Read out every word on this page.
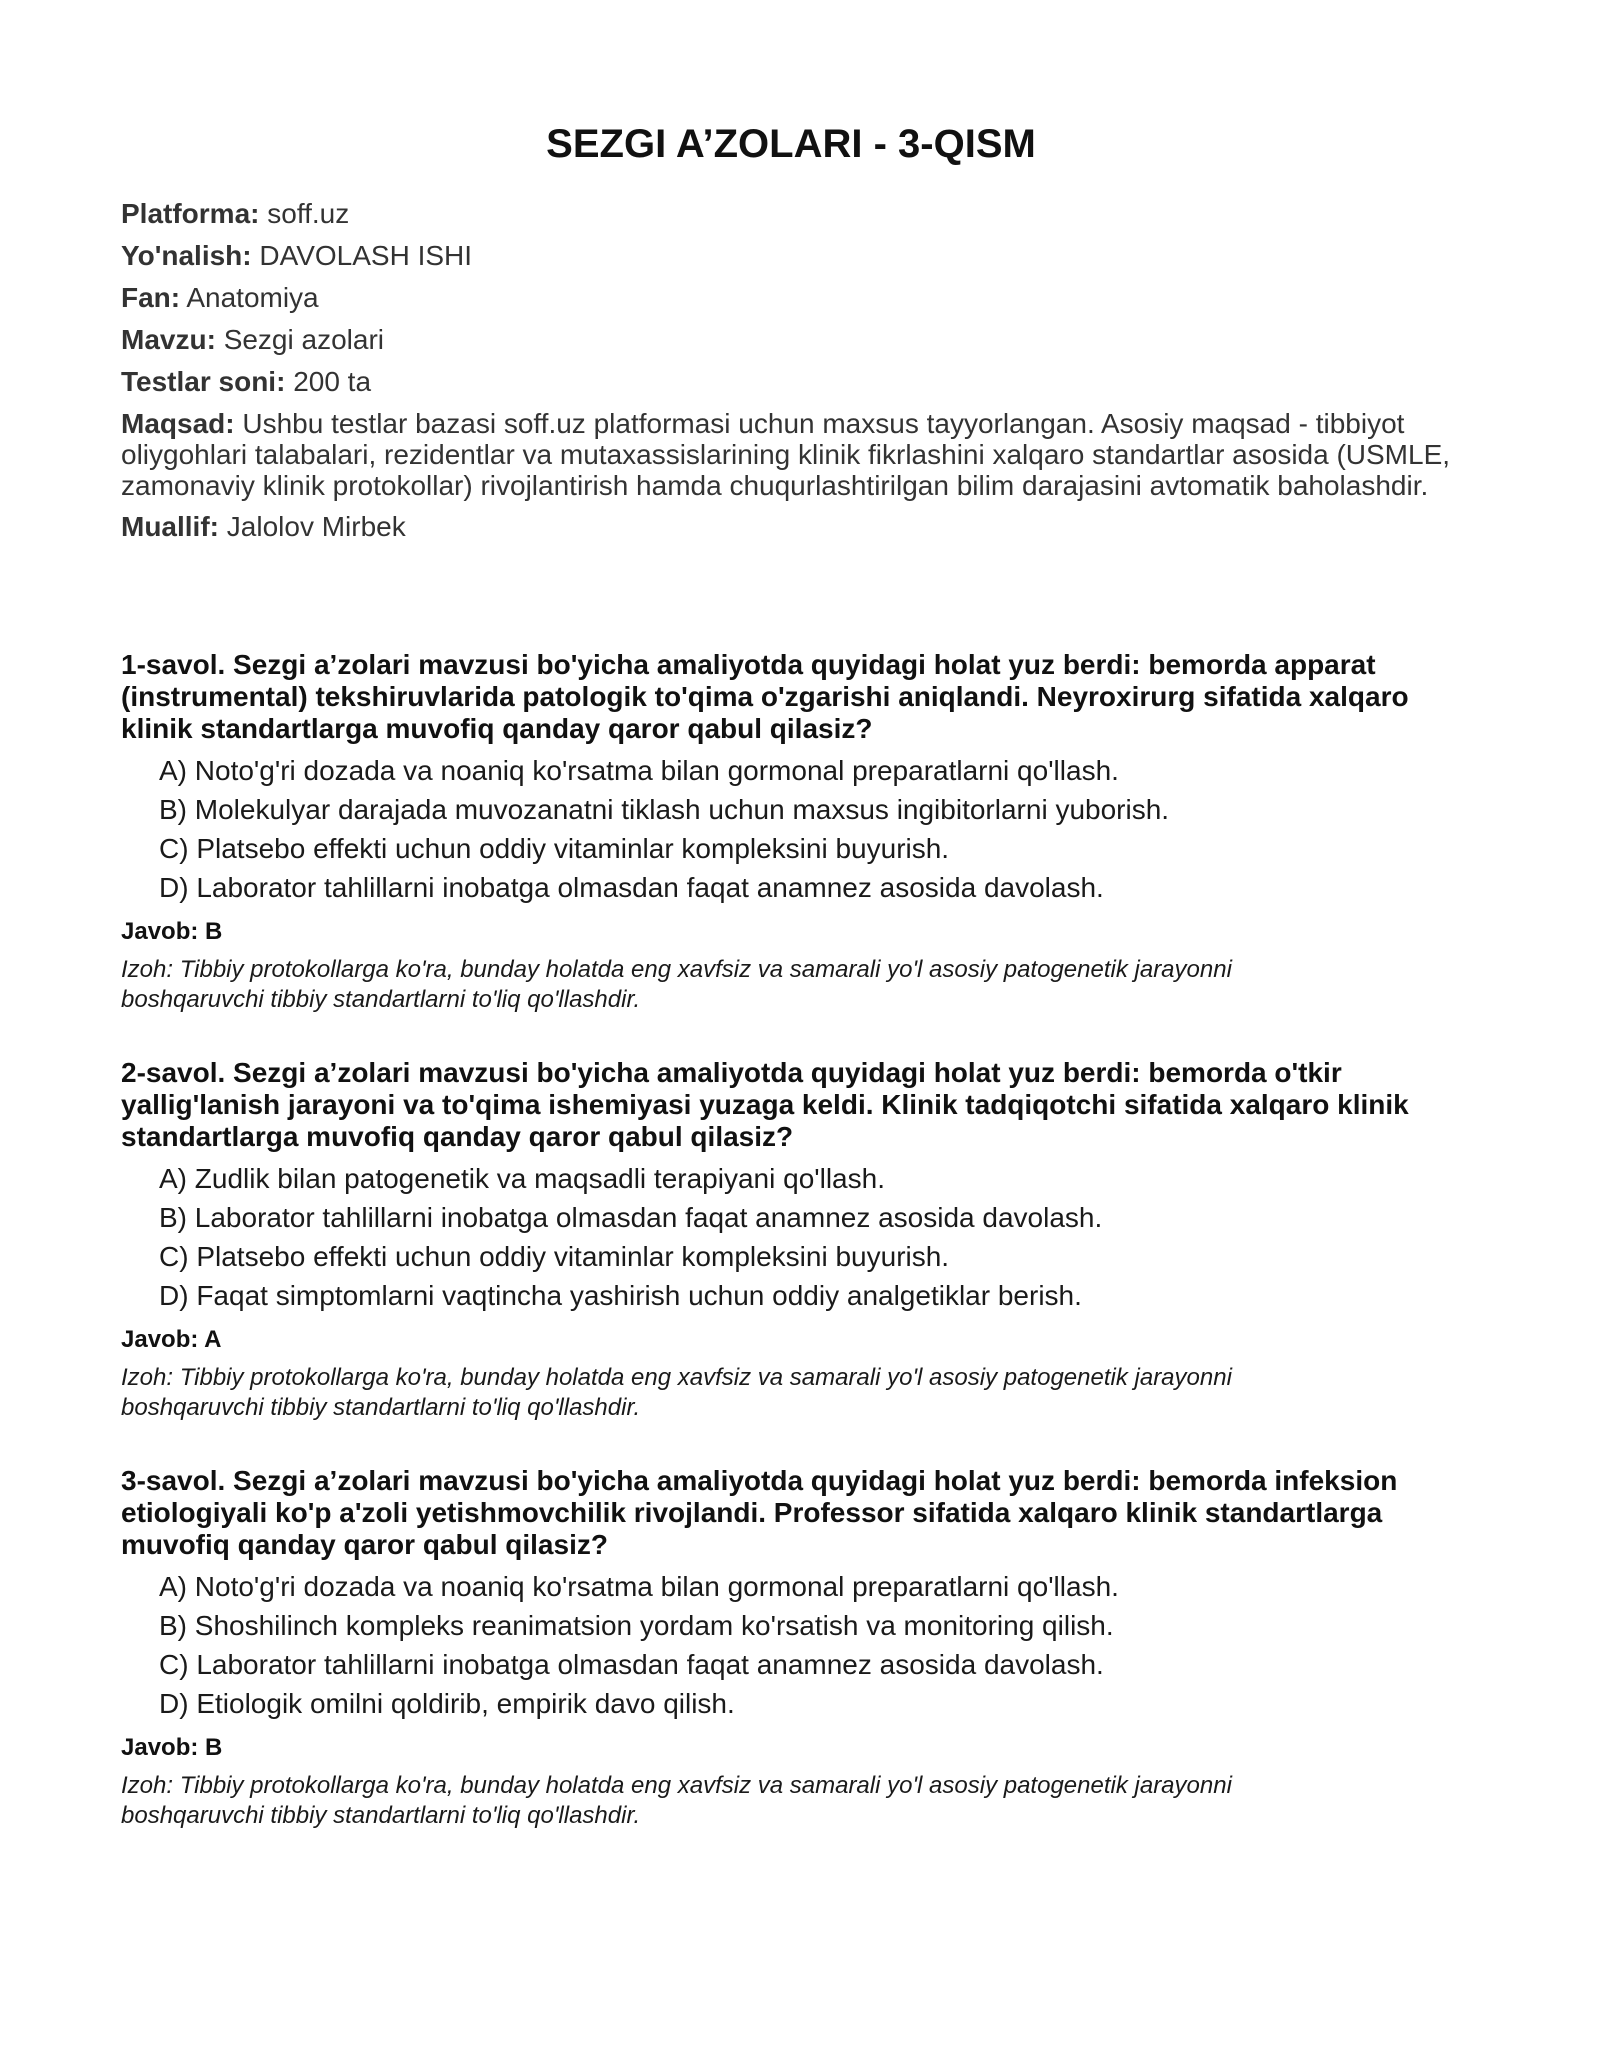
SEZGI A’ZOLARI - 3-QISM
Platforma: soff.uz
Yo'nalish: DAVOLASH ISHI
Fan: Anatomiya
Mavzu: Sezgi azolari
Testlar soni: 200 ta
Maqsad: Ushbu testlar bazasi soff.uz platformasi uchun maxsus tayyorlangan. Asosiy maqsad - tibbiyot oliygohlari talabalari, rezidentlar va mutaxassislarining klinik fikrlashini xalqaro standartlar asosida (USMLE, zamonaviy klinik protokollar) rivojlantirish hamda chuqurlashtirilgan bilim darajasini avtomatik baholashdir.
Muallif: Jalolov Mirbek
1-savol. Sezgi a’zolari mavzusi bo'yicha amaliyotda quyidagi holat yuz berdi: bemorda apparat (instrumental) tekshiruvlarida patologik to'qima o'zgarishi aniqlandi. Neyroxirurg sifatida xalqaro klinik standartlarga muvofiq qanday qaror qabul qilasiz?
A) Noto'g'ri dozada va noaniq ko'rsatma bilan gormonal preparatlarni qo'llash.
B) Molekulyar darajada muvozanatni tiklash uchun maxsus ingibitorlarni yuborish.
C) Platsebo effekti uchun oddiy vitaminlar kompleksini buyurish.
D) Laborator tahlillarni inobatga olmasdan faqat anamnez asosida davolash.
Javob: B
Izoh: Tibbiy protokollarga ko'ra, bunday holatda eng xavfsiz va samarali yo'l asosiy patogenetik jarayonni boshqaruvchi tibbiy standartlarni to'liq qo'llashdir.
2-savol. Sezgi a’zolari mavzusi bo'yicha amaliyotda quyidagi holat yuz berdi: bemorda o'tkir yallig'lanish jarayoni va to'qima ishemiyasi yuzaga keldi. Klinik tadqiqotchi sifatida xalqaro klinik standartlarga muvofiq qanday qaror qabul qilasiz?
A) Zudlik bilan patogenetik va maqsadli terapiyani qo'llash.
B) Laborator tahlillarni inobatga olmasdan faqat anamnez asosida davolash.
C) Platsebo effekti uchun oddiy vitaminlar kompleksini buyurish.
D) Faqat simptomlarni vaqtincha yashirish uchun oddiy analgetiklar berish.
Javob: A
Izoh: Tibbiy protokollarga ko'ra, bunday holatda eng xavfsiz va samarali yo'l asosiy patogenetik jarayonni boshqaruvchi tibbiy standartlarni to'liq qo'llashdir.
3-savol. Sezgi a’zolari mavzusi bo'yicha amaliyotda quyidagi holat yuz berdi: bemorda infeksion etiologiyali ko'p a'zoli yetishmovchilik rivojlandi. Professor sifatida xalqaro klinik standartlarga muvofiq qanday qaror qabul qilasiz?
A) Noto'g'ri dozada va noaniq ko'rsatma bilan gormonal preparatlarni qo'llash.
B) Shoshilinch kompleks reanimatsion yordam ko'rsatish va monitoring qilish.
C) Laborator tahlillarni inobatga olmasdan faqat anamnez asosida davolash.
D) Etiologik omilni qoldirib, empirik davo qilish.
Javob: B
Izoh: Tibbiy protokollarga ko'ra, bunday holatda eng xavfsiz va samarali yo'l asosiy patogenetik jarayonni boshqaruvchi tibbiy standartlarni to'liq qo'llashdir.
